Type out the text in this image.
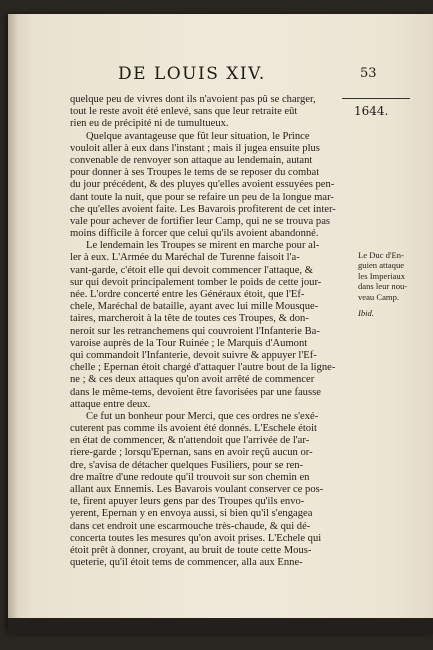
DE LOUIS XIV.	53
1644.
quelque peu de vivres dont ils n'avoient pas pû se charger,
tout le reste avoit été enlevé, sans que leur retraite eût
rien eu de précipité ni de tumultueux.
Quelque avantageuse que fût leur situation, le Prince
vouloit aller à eux dans l'instant ; mais il jugea ensuite plus
convenable de renvoyer son attaque au lendemain, autant
pour donner à ses Troupes le tems de se reposer du combat
du jour précédent, & des pluyes qu'elles avoient essuyées pen-
dant toute la nuit, que pour se refaire un peu de la longue mar-
che qu'elles avoient faite. Les Bavarois profiterent de cet inter-
vale pour achever de fortifier leur Camp, qui ne se trouva pas
moins difficile à forcer que celui qu'ils avoient abandonné.
Le lendemain les Troupes se mirent en marche pour al-
ler à eux. L'Armée du Maréchal de Turenne faisoit l'a-
vant-garde, c'étoit elle qui devoit commencer l'attaque, &
sur qui devoit principalement tomber le poids de cette jour-
née. L'ordre concerté entre les Généraux étoit, que l'Ef-
chele, Maréchal de bataille, ayant avec lui mille Mousque-
taires, marcheroit à la tête de toutes ces Troupes, & don-
neroit sur les retranchemens qui couvroient l'Infanterie Ba-
varoise auprès de la Tour Ruinée ; le Marquis d'Aumont
qui commandoit l'Infanterie, devoit suivre & appuyer l'Ef-
chelle ; Epernan étoit chargé d'attaquer l'autre bout de la ligne-
ne ; & ces deux attaques qu'on avoit arrêté de commencer
dans le même-tems, devoient être favorisées par une fausse
attaque entre deux.
Ce fut un bonheur pour Merci, que ces ordres ne s'exé-
cuterent pas comme ils avoient été donnés. L'Eschele étoit
en état de commencer, & n'attendoit que l'arrivée de l'ar-
riere-garde ; lorsqu'Epernan, sans en avoir reçû aucun or-
dre, s'avisa de détacher quelques Fusiliers, pour se ren-
dre maître d'une redoute qu'il trouvoit sur son chemin en
allant aux Ennemis. Les Bavarois voulant conserver ce pos-
te, firent apuyer leurs gens par des Troupes qu'ils envo-
yerent, Epernan y en envoya aussi, si bien qu'il s'engagea
dans cet endroit une escarmouche très-chaude, & qui dé-
concerta toutes les mesures qu'on avoit prises. L'Echele qui
étoit prêt à donner, croyant, au bruit de toute cette Mous-
queterie, qu'il étoit tems de commencer, alla aux Enne-
Le Duc d'En-
guien attaque
les Imperiaux
dans leur nou-
veau Camp.
Ibid.
